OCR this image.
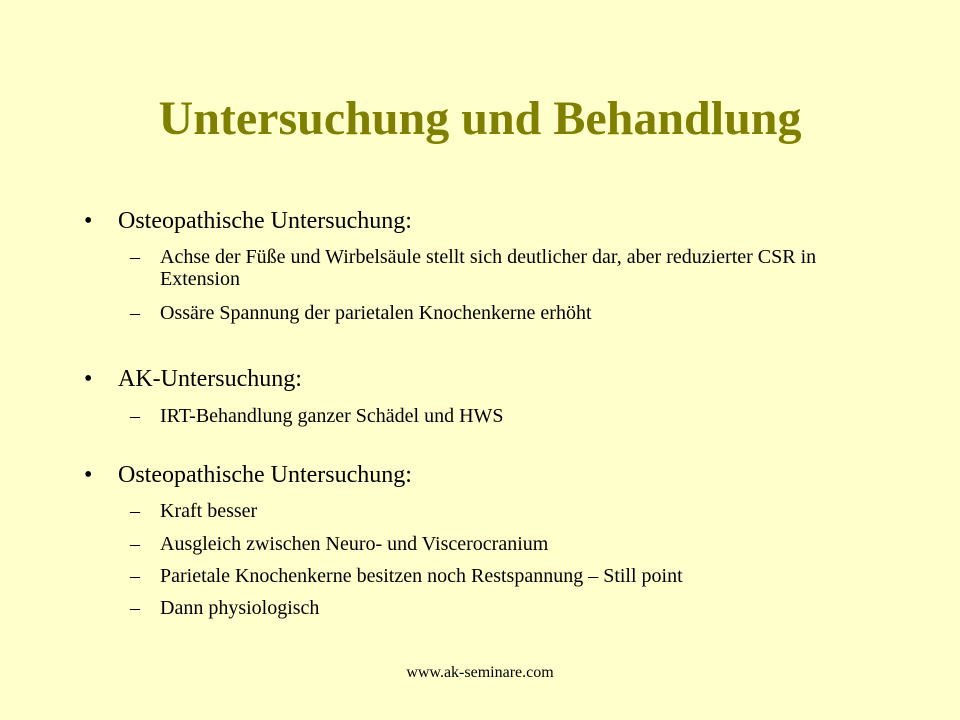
Untersuchung und Behandlung
• Osteopathische Untersuchung:
– Achse der Füße und Wirbelsäule stellt sich deutlicher dar, aber reduzierter CSR in Extension
– Ossäre Spannung der parietalen Knochenkerne erhöht
• AK-Untersuchung:
– IRT-Behandlung ganzer Schädel und HWS
• Osteopathische Untersuchung:
– Kraft besser
– Ausgleich zwischen Neuro- und Viscerocranium
– Parietale Knochenkerne besitzen noch Restspannung – Still point
– Dann physiologisch
www.ak-seminare.com
